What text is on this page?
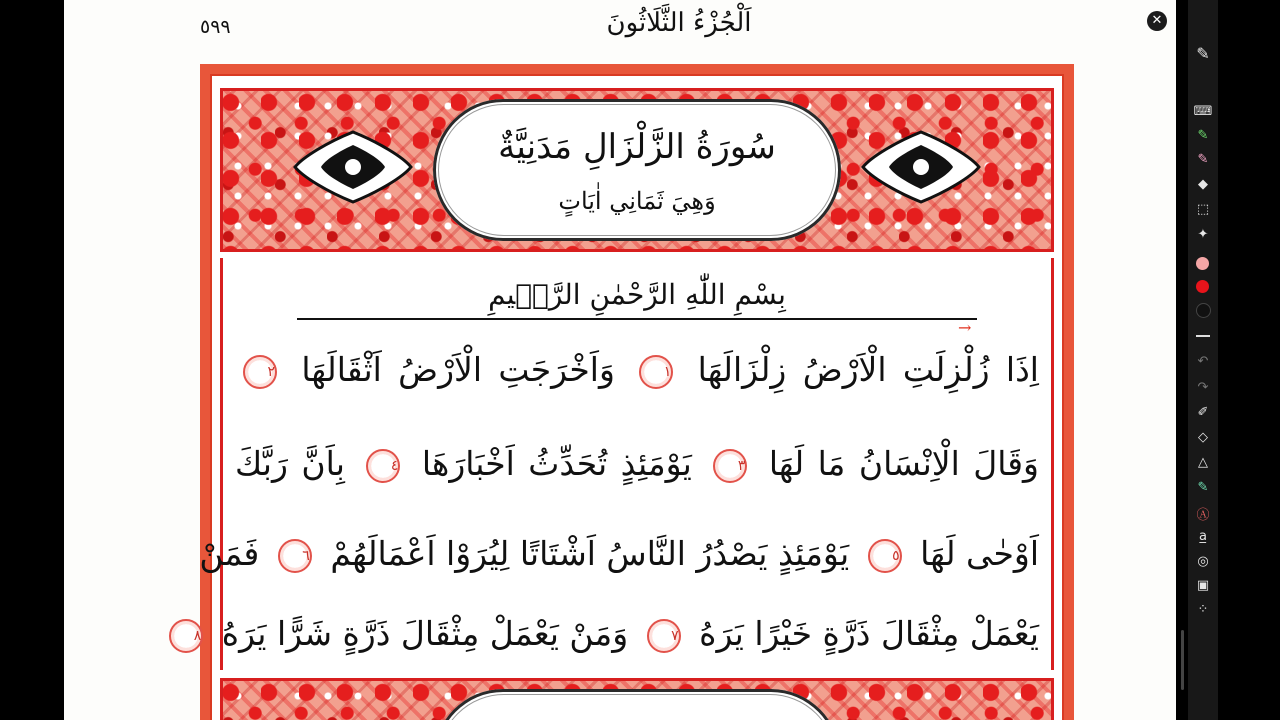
٥٩٩	اَلْجُزْءُ الثَّلَاثُونَ
سُورَةُ الزَّلْزَالِ مَدَنِيَّةٌ
وَهِيَ ثَمَانِي اٰيَاتٍ
بِسْمِ اللّٰهِ الرَّحْمٰنِ الرَّحٖيمِ
→
اِذَا زُلْزِلَتِ الْاَرْضُ زِلْزَالَهَا ١ وَاَخْرَجَتِ الْاَرْضُ اَثْقَالَهَا ٢
وَقَالَ الْاِنْسَانُ مَا لَهَا ٣ يَوْمَئِذٍ تُحَدِّثُ اَخْبَارَهَا ٤ بِاَنَّ رَبَّكَ
اَوْحٰى لَهَا ٥ يَوْمَئِذٍ يَصْدُرُ النَّاسُ اَشْتَاتًا لِيُرَوْا اَعْمَالَهُمْ ٦ فَمَنْ
يَعْمَلْ مِثْقَالَ ذَرَّةٍ خَيْرًا يَرَهُ ٧ وَمَنْ يَعْمَلْ مِثْقَالَ ذَرَّةٍ شَرًّا يَرَهُ ٨
✕
✎
⌨
✎
✎
◆
⬚
✦
↶
↷
✐
◇
△
✎
Ⓐ
a̲
◎
▣
⁘
